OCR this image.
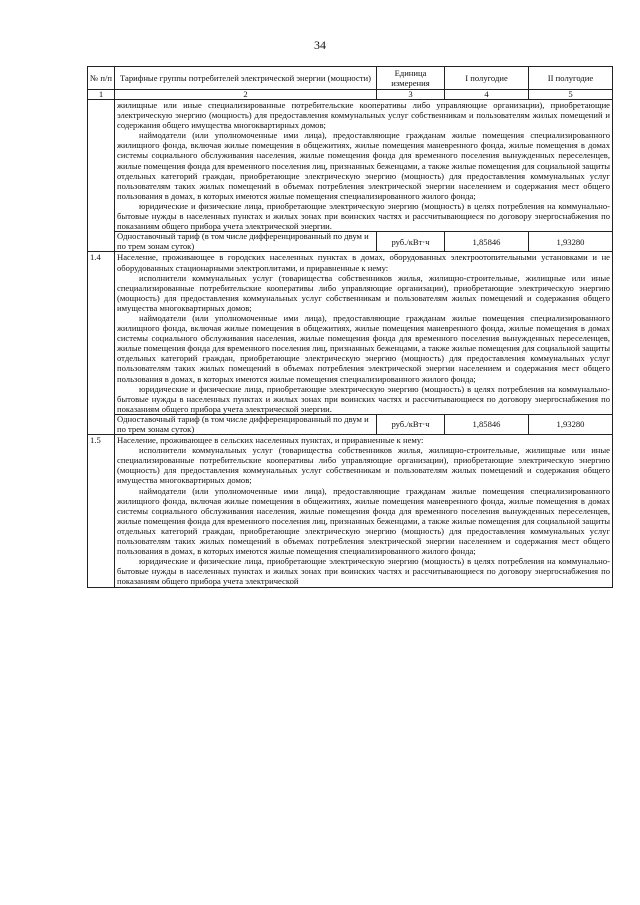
34
№ п/п	Тарифные группы потребителей электрической энергии (мощности)	Единица измерения	I полугодие	II полугодие
1	2	3	4	5

	жилищные или иные специализированные потребительские кооперативы либо управляющие организации), приобретающие электрическую энергию (мощность) для предоставления коммунальных услуг собственникам и пользователям жилых помещений и содержания общего имущества многоквартирных домов;

наймодатели (или уполномоченные ими лица), предоставляющие гражданам жилые помещения специализированного жилищного фонда, включая жилые помещения в общежитиях, жилые помещения маневренного фонда, жилые помещения в домах системы социального обслуживания населения, жилые помещения фонда для временного поселения вынужденных переселенцев, жилые помещения фонда для временного поселения лиц, признанных беженцами, а также жилые помещения для социальной защиты отдельных категорий граждан, приобретающие электрическую энергию (мощность) для предоставления коммунальных услуг пользователям таких жилых помещений в объемах потребления электрической энергии населением и содержания мест общего пользования в домах, в которых имеются жилые помещения специализированного жилого фонда;

юридические и физические лица, приобретающие электрическую энергию (мощность) в целях потребления на коммунально-бытовые нужды в населенных пунктах и жилых зонах при воинских частях и рассчитывающиеся по договору энергоснабжения по показаниям общего прибора учета электрической энергии.			

	Одноставочный тариф (в том числе дифференцированный по двум и по трем зонам суток)	руб./кВт·ч	1,85846	1,93280
1.4	Население, проживающее в городских населенных пунктах в домах, оборудованных электроотопительными установками и не оборудованных стационарными электроплитами, и приравненные к нему:

исполнители коммунальных услуг (товарищества собственников жилья, жилищно-строительные, жилищные или иные специализированные потребительские кооперативы либо управляющие организации), приобретающие электрическую энергию (мощность) для предоставления коммунальных услуг собственникам и пользователям жилых помещений и содержания общего имущества многоквартирных домов;

наймодатели (или уполномоченные ими лица), предоставляющие гражданам жилые помещения специализированного жилищного фонда, включая жилые помещения в общежитиях, жилые помещения маневренного фонда, жилые помещения в домах системы социального обслуживания населения, жилые помещения фонда для временного поселения вынужденных переселенцев, жилые помещения фонда для временного поселения лиц, признанных беженцами, а также жилые помещения для социальной защиты отдельных категорий граждан, приобретающие электрическую энергию (мощность) для предоставления коммунальных услуг пользователям таких жилых помещений в объемах потребления электрической энергии населением и содержания мест общего пользования в домах, в которых имеются жилые помещения специализированного жилого фонда;

юридические и физические лица, приобретающие электрическую энергию (мощность) в целях потребления на коммунально-бытовые нужды в населенных пунктах и жилых зонах при воинских частях и рассчитывающиеся по договору энергоснабжения по показаниям общего прибора учета электрической энергии.			

	Одноставочный тариф (в том числе дифференцированный по двум и по трем зонам суток)	руб./кВт·ч	1,85846	1,93280
1.5	Население, проживающее в сельских населенных пунктах, и приравненные к нему:

исполнители коммунальных услуг (товарищества собственников жилья, жилищно-строительные, жилищные или иные специализированные потребительские кооперативы либо управляющие организации), приобретающие электрическую энергию (мощность) для предоставления коммунальных услуг собственникам и пользователям жилых помещений и содержания общего имущества многоквартирных домов;

наймодатели (или уполномоченные ими лица), предоставляющие гражданам жилые помещения специализированного жилищного фонда, включая жилые помещения в общежитиях, жилые помещения маневренного фонда, жилые помещения в домах системы социального обслуживания населения, жилые помещения фонда для временного поселения вынужденных переселенцев, жилые помещения фонда для временного поселения лиц, признанных беженцами, а также жилые помещения для социальной защиты отдельных категорий граждан, приобретающие электрическую энергию (мощность) для предоставления коммунальных услуг пользователям таких жилых помещений в объемах потребления электрической энергии населением и содержания мест общего пользования в домах, в которых имеются жилые помещения специализированного жилого фонда;

юридические и физические лица, приобретающие электрическую энергию (мощность) в целях потребления на коммунально-бытовые нужды в населенных пунктах и жилых зонах при воинских частях и рассчитывающиеся по договору энергоснабжения по показаниям общего прибора учета электрической			
